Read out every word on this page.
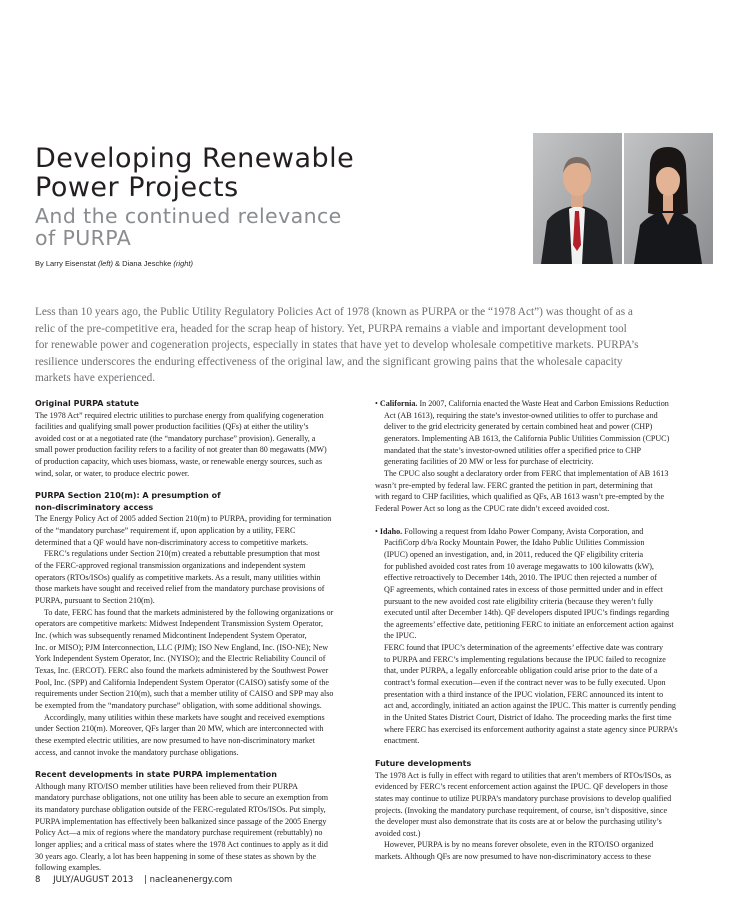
Developing Renewable
Power Projects
And the continued relevance
of PURPA
By Larry Eisenstat (left) & Diana Jeschke (right)
Less than 10 years ago, the Public Utility Regulatory Policies Act of 1978 (known as PURPA or the “1978 Act”) was thought of as a
relic of the pre-competitive era, headed for the scrap heap of history. Yet, PURPA remains a viable and important development tool
for renewable power and cogeneration projects, especially in states that have yet to develop wholesale competitive markets. PURPA’s
resilience underscores the enduring effectiveness of the original law, and the significant growing pains that the wholesale capacity
markets have experienced.
Original PURPA statute
The 1978 Act” required electric utilities to purchase energy from qualifying cogeneration
facilities and qualifying small power production facilities (QFs) at either the utility’s
avoided cost or at a negotiated rate (the “mandatory purchase” provision). Generally, a
small power production facility refers to a facility of not greater than 80 megawatts (MW)
of production capacity, which uses biomass, waste, or renewable energy sources, such as
wind, solar, or water, to produce electric power.
PURPA Section 210(m): A presumption of
non-discriminatory access
The Energy Policy Act of 2005 added Section 210(m) to PURPA, providing for termination
of the “mandatory purchase” requirement if, upon application by a utility, FERC
determined that a QF would have non-discriminatory access to competitive markets.
FERC’s regulations under Section 210(m) created a rebuttable presumption that most
of the FERC-approved regional transmission organizations and independent system
operators (RTOs/ISOs) qualify as competitive markets. As a result, many utilities within
those markets have sought and received relief from the mandatory purchase provisions of
PURPA, pursuant to Section 210(m).
To date, FERC has found that the markets administered by the following organizations or
operators are competitive markets: Midwest Independent Transmission System Operator,
Inc. (which was subsequently renamed Midcontinent Independent System Operator,
Inc. or MISO); PJM Interconnection, LLC (PJM); ISO New England, Inc. (ISO-NE); New
York Independent System Operator, Inc. (NYISO); and the Electric Reliability Council of
Texas, Inc. (ERCOT). FERC also found the markets administered by the Southwest Power
Pool, Inc. (SPP) and California Independent System Operator (CAISO) satisfy some of the
requirements under Section 210(m), such that a member utility of CAISO and SPP may also
be exempted from the “mandatory purchase” obligation, with some additional showings.
Accordingly, many utilities within these markets have sought and received exemptions
under Section 210(m). Moreover, QFs larger than 20 MW, which are interconnected with
these exempted electric utilities, are now presumed to have non-discriminatory market
access, and cannot invoke the mandatory purchase obligations.
Recent developments in state PURPA implementation
Although many RTO/ISO member utilities have been relieved from their PURPA
mandatory purchase obligations, not one utility has been able to secure an exemption from
its mandatory purchase obligation outside of the FERC-regulated RTOs/ISOs. Put simply,
PURPA implementation has effectively been balkanized since passage of the 2005 Energy
Policy Act—a mix of regions where the mandatory purchase requirement (rebuttably) no
longer applies; and a critical mass of states where the 1978 Act continues to apply as it did
30 years ago. Clearly, a lot has been happening in some of these states as shown by the
following examples.
• California. In 2007, California enacted the Waste Heat and Carbon Emissions Reduction
Act (AB 1613), requiring the state’s investor-owned utilities to offer to purchase and
deliver to the grid electricity generated by certain combined heat and power (CHP)
generators. Implementing AB 1613, the California Public Utilities Commission (CPUC)
mandated that the state’s investor-owned utilities offer a specified price to CHP
generating facilities of 20 MW or less for purchase of electricity.
The CPUC also sought a declaratory order from FERC that implementation of AB 1613
wasn’t pre-empted by federal law. FERC granted the petition in part, determining that
with regard to CHP facilities, which qualified as QFs, AB 1613 wasn’t pre-empted by the
Federal Power Act so long as the CPUC rate didn’t exceed avoided cost.
• Idaho. Following a request from Idaho Power Company, Avista Corporation, and
PacifiCorp d/b/a Rocky Mountain Power, the Idaho Public Utilities Commission
(IPUC) opened an investigation, and, in 2011, reduced the QF eligibility criteria
for published avoided cost rates from 10 average megawatts to 100 kilowatts (kW),
effective retroactively to December 14th, 2010. The IPUC then rejected a number of
QF agreements, which contained rates in excess of those permitted under and in effect
pursuant to the new avoided cost rate eligibility criteria (because they weren’t fully
executed until after December 14th). QF developers disputed IPUC’s findings regarding
the agreements’ effective date, petitioning FERC to initiate an enforcement action against
the IPUC.
FERC found that IPUC’s determination of the agreements’ effective date was contrary
to PURPA and FERC’s implementing regulations because the IPUC failed to recognize
that, under PURPA, a legally enforceable obligation could arise prior to the date of a
contract’s formal execution—even if the contract never was to be fully executed. Upon
presentation with a third instance of the IPUC violation, FERC announced its intent to
act and, accordingly, initiated an action against the IPUC. This matter is currently pending
in the United States District Court, District of Idaho. The proceeding marks the first time
where FERC has exercised its enforcement authority against a state agency since PURPA’s
enactment.
Future developments
The 1978 Act is fully in effect with regard to utilities that aren’t members of RTOs/ISOs, as
evidenced by FERC’s recent enforcement action against the IPUC. QF developers in those
states may continue to utilize PURPA’s mandatory purchase provisions to develop qualified
projects. (Invoking the mandatory purchase requirement, of course, isn’t dispositive, since
the developer must also demonstrate that its costs are at or below the purchasing utility’s
avoided cost.)
However, PURPA is by no means forever obsolete, even in the RTO/ISO organized
markets. Although QFs are now presumed to have non-discriminatory access to these
8 JULY/AUGUST 2013 | nacleanenergy.com
